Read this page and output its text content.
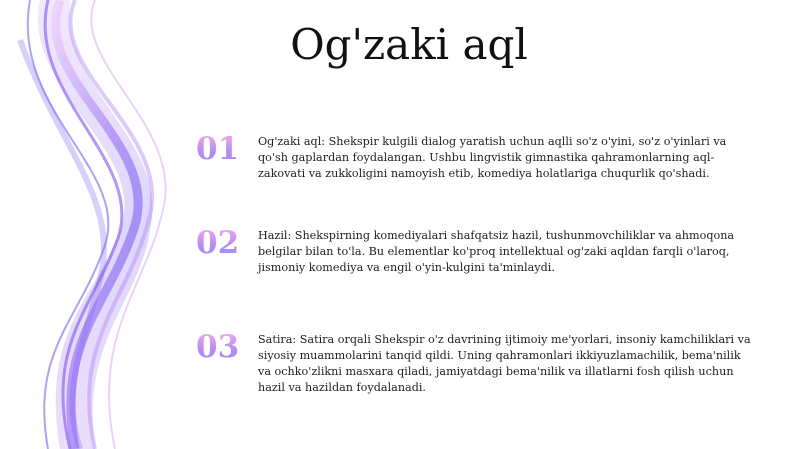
Og'zaki aql
01	Og'zaki aql: Shekspir kulgili dialog yaratish uchun aqlli so'z o'yini, so'z o'yinlari va qo'sh gaplardan foydalangan. Ushbu lingvistik gimnastika qahramonlarning aql-zakovati va zukkoligini namoyish etib, komediya holatlariga chuqurlik qo'shadi.
02	Hazil: Shekspirning komediyalari shafqatsiz hazil, tushunmovchiliklar va ahmoqona belgilar bilan to'la. Bu elementlar ko'proq intellektual og'zaki aqldan farqli o'laroq, jismoniy komediya va engil o'yin-kulgini ta'minlaydi.
03	Satira: Satira orqali Shekspir o'z davrining ijtimoiy me'yorlari, insoniy kamchiliklari va siyosiy muammolarini tanqid qildi. Uning qahramonlari ikkiyuzlamachilik, bema'nilik va ochko'zlikni masxara qiladi, jamiyatdagi bema'nilik va illatlarni fosh qilish uchun hazil va hazildan foydalanadi.
